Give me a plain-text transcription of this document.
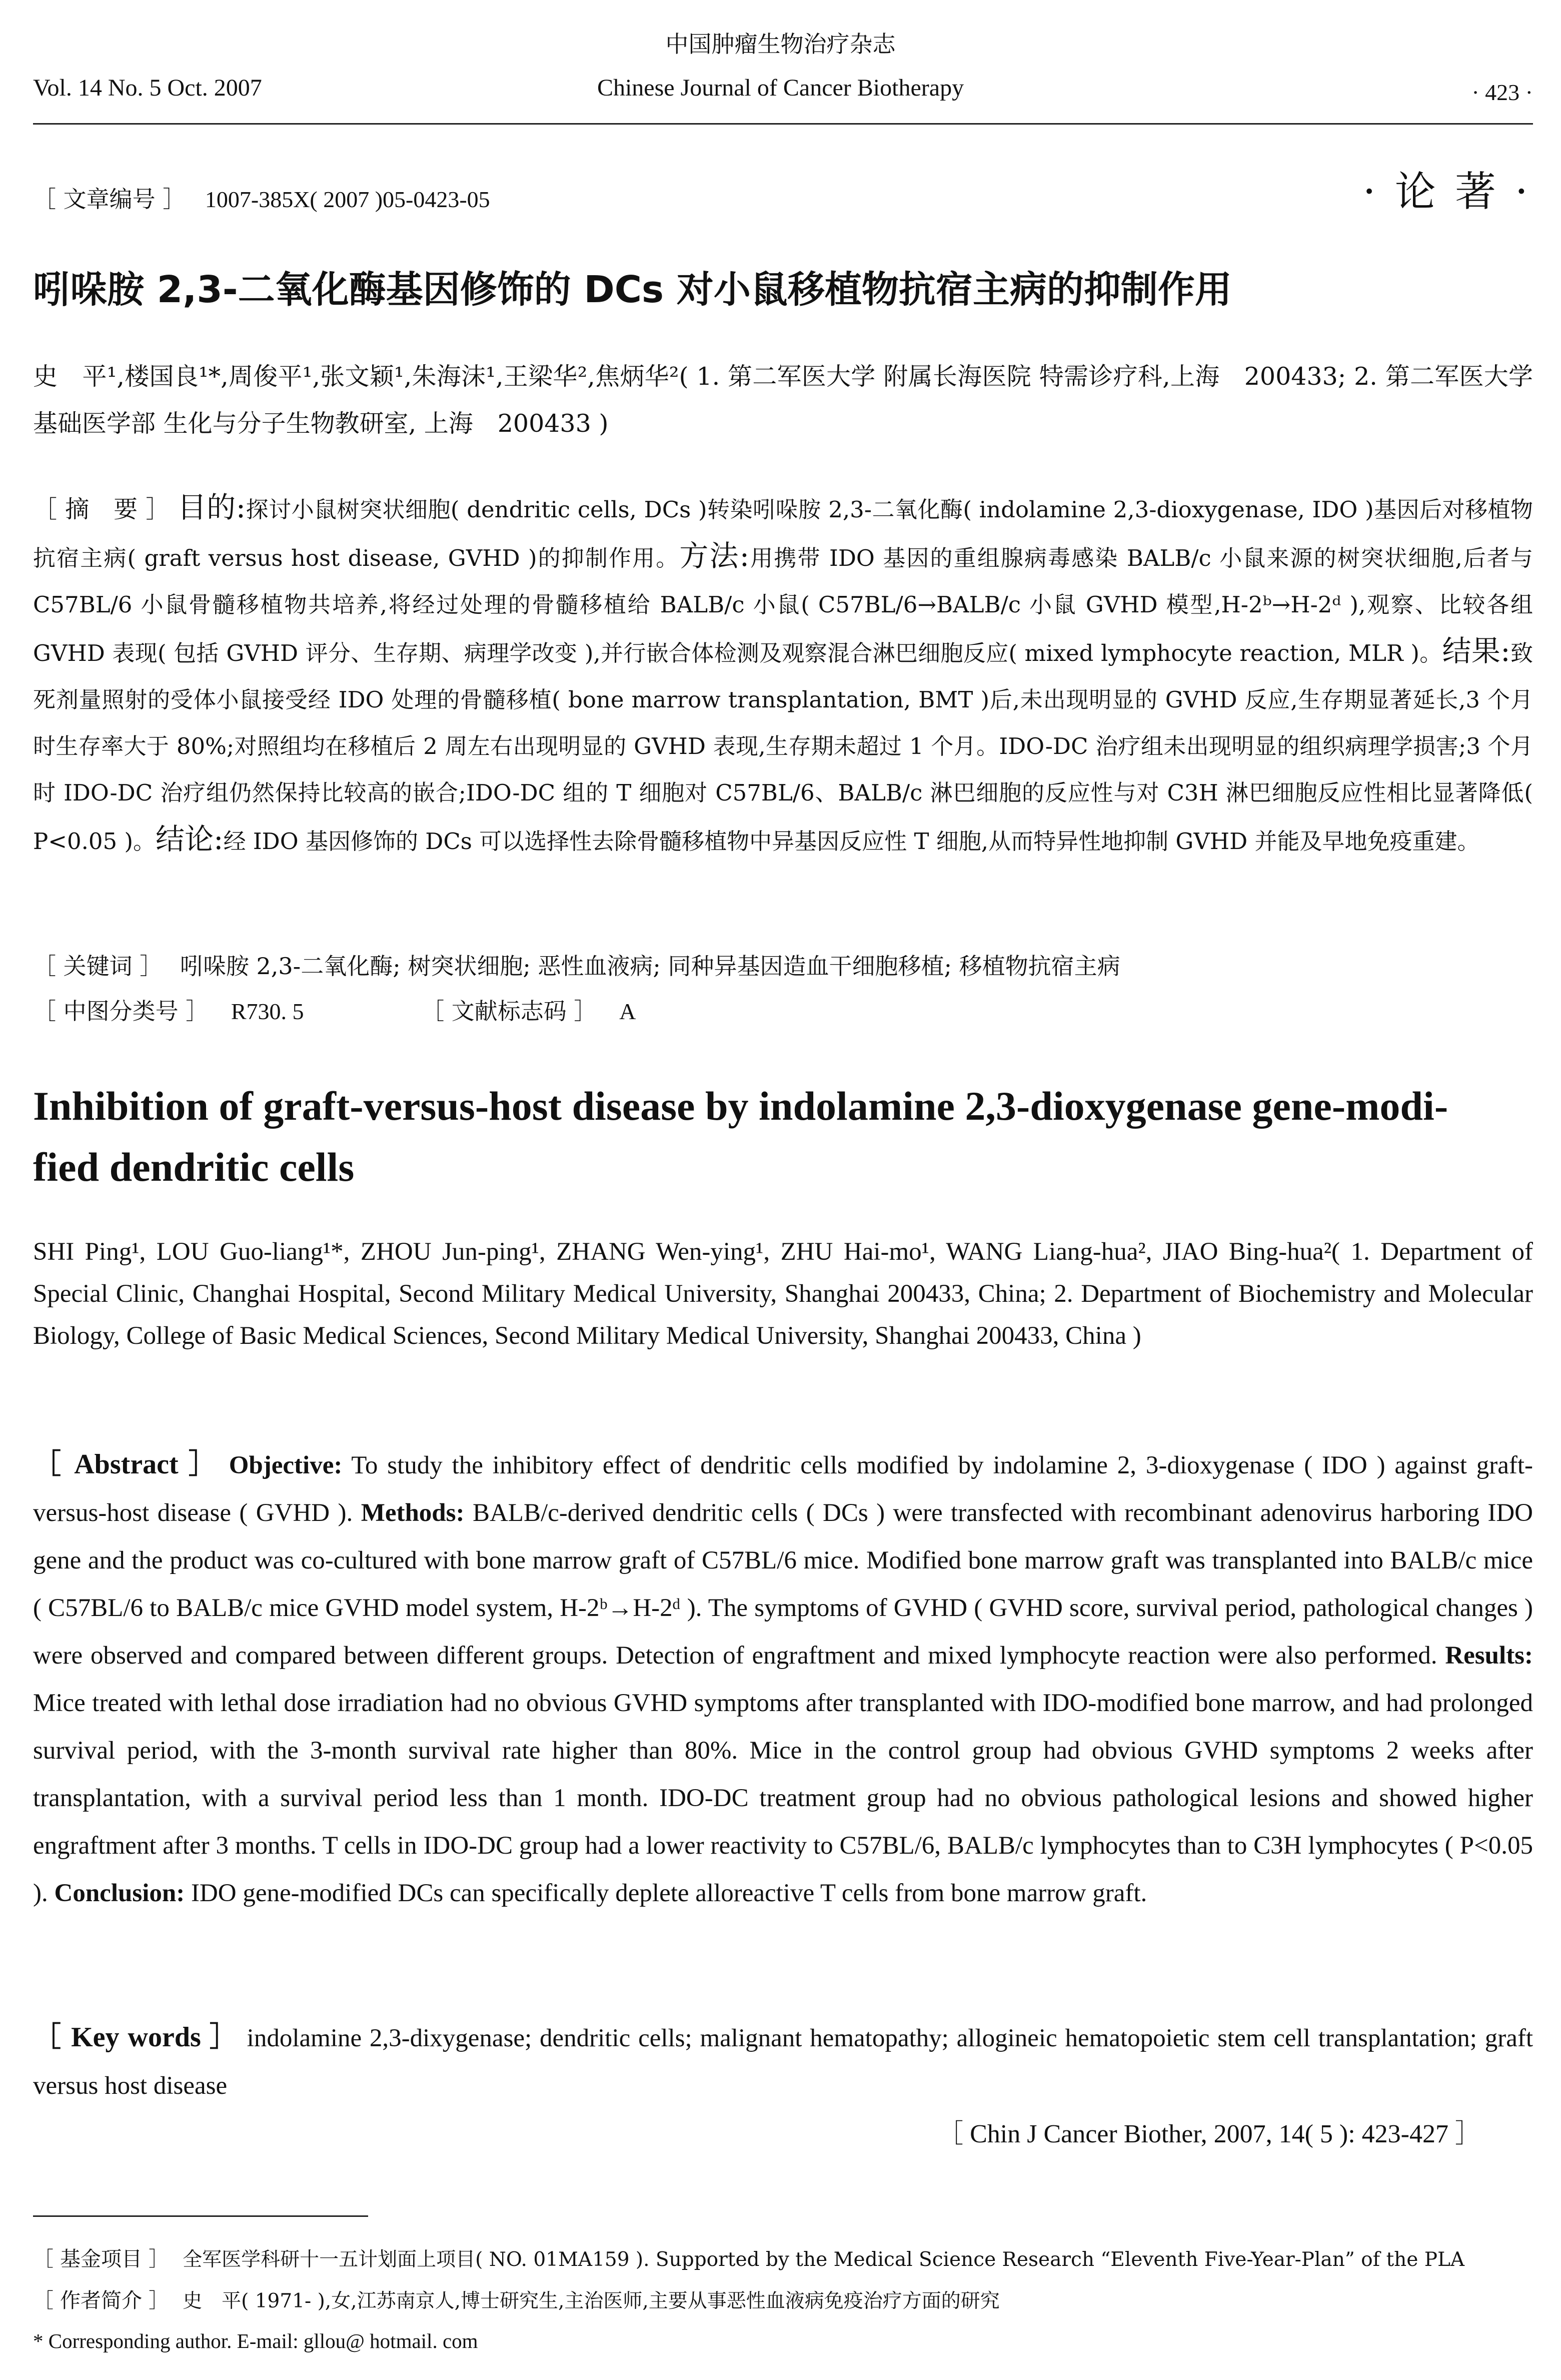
中国肿瘤生物治疗杂志
Vol. 14 No. 5 Oct. 2007	Chinese Journal of Cancer Biotherapy	· 423 ·
［ 文章编号 ］ 1007-385X( 2007 )05-0423-05	· 论 著 ·
吲哚胺 2,3-二氧化酶基因修饰的 DCs 对小鼠移植物抗宿主病的抑制作用
史　平¹,楼国良¹*,周俊平¹,张文颖¹,朱海沫¹,王梁华²,焦炳华²( 1. 第二军医大学 附属长海医院 特需诊疗科,上海　200433; 2. 第二军医大学 基础医学部 生化与分子生物教研室, 上海　200433 )
［ 摘　要 ］ 目的:探讨小鼠树突状细胞( dendritic cells, DCs )转染吲哚胺 2,3-二氧化酶( indolamine 2,3-dioxygenase, IDO )基因后对移植物抗宿主病( graft versus host disease, GVHD )的抑制作用。方法:用携带 IDO 基因的重组腺病毒感染 BALB/c 小鼠来源的树突状细胞,后者与 C57BL/6 小鼠骨髓移植物共培养,将经过处理的骨髓移植给 BALB/c 小鼠( C57BL/6→BALB/c 小鼠 GVHD 模型,H-2ᵇ→H-2ᵈ ),观察、比较各组 GVHD 表现( 包括 GVHD 评分、生存期、病理学改变 ),并行嵌合体检测及观察混合淋巴细胞反应( mixed lymphocyte reaction, MLR )。结果:致死剂量照射的受体小鼠接受经 IDO 处理的骨髓移植( bone marrow transplantation, BMT )后,未出现明显的 GVHD 反应,生存期显著延长,3 个月时生存率大于 80%;对照组均在移植后 2 周左右出现明显的 GVHD 表现,生存期未超过 1 个月。IDO-DC 治疗组未出现明显的组织病理学损害;3 个月时 IDO-DC 治疗组仍然保持比较高的嵌合;IDO-DC 组的 T 细胞对 C57BL/6、BALB/c 淋巴细胞的反应性与对 C3H 淋巴细胞反应性相比显著降低( P<0.05 )。结论:经 IDO 基因修饰的 DCs 可以选择性去除骨髓移植物中异基因反应性 T 细胞,从而特异性地抑制 GVHD 并能及早地免疫重建。
［ 关键词 ］ 吲哚胺 2,3-二氧化酶; 树突状细胞; 恶性血液病; 同种异基因造血干细胞移植; 移植物抗宿主病
［ 中图分类号 ］ R730. 5	［ 文献标志码 ］ A
Inhibition of graft-versus-host disease by indolamine 2,3-dioxygenase gene-modi-
fied dendritic cells
SHI Ping¹, LOU Guo-liang¹*, ZHOU Jun-ping¹, ZHANG Wen-ying¹, ZHU Hai-mo¹, WANG Liang-hua², JIAO Bing-hua²( 1. Department of Special Clinic, Changhai Hospital, Second Military Medical University, Shanghai 200433, China; 2. Department of Biochemistry and Molecular Biology, College of Basic Medical Sciences, Second Military Medical University, Shanghai 200433, China )
［ Abstract ］ Objective: To study the inhibitory effect of dendritic cells modified by indolamine 2, 3-dioxygenase ( IDO ) against graft-versus-host disease ( GVHD ). Methods: BALB/c-derived dendritic cells ( DCs ) were transfected with recombinant adenovirus harboring IDO gene and the product was co-cultured with bone marrow graft of C57BL/6 mice. Modified bone marrow graft was transplanted into BALB/c mice ( C57BL/6 to BALB/c mice GVHD model system, H-2ᵇ→H-2ᵈ ). The symptoms of GVHD ( GVHD score, survival period, pathological changes ) were observed and compared between different groups. Detection of engraftment and mixed lymphocyte reaction were also performed. Results: Mice treated with lethal dose irradiation had no obvious GVHD symptoms after transplanted with IDO-modified bone marrow, and had prolonged survival period, with the 3-month survival rate higher than 80%. Mice in the control group had obvious GVHD symptoms 2 weeks after transplantation, with a survival period less than 1 month. IDO-DC treatment group had no obvious pathological lesions and showed higher engraftment after 3 months. T cells in IDO-DC group had a lower reactivity to C57BL/6, BALB/c lymphocytes than to C3H lymphocytes ( P<0.05 ). Conclusion: IDO gene-modified DCs can specifically deplete alloreactive T cells from bone marrow graft.
［ Key words ］ indolamine 2,3-dixygenase; dendritic cells; malignant hematopathy; allogineic hematopoietic stem cell transplantation; graft versus host disease
［ Chin J Cancer Biother, 2007, 14( 5 ): 423-427 ］
［ 基金项目 ］ 全军医学科研十一五计划面上项目( NO. 01MA159 ). Supported by the Medical Science Research “Eleventh Five-Year-Plan” of the PLA
［ 作者简介 ］ 史　平( 1971- ),女,江苏南京人,博士研究生,主治医师,主要从事恶性血液病免疫治疗方面的研究
* Corresponding author. E-mail: gllou@ hotmail. com
